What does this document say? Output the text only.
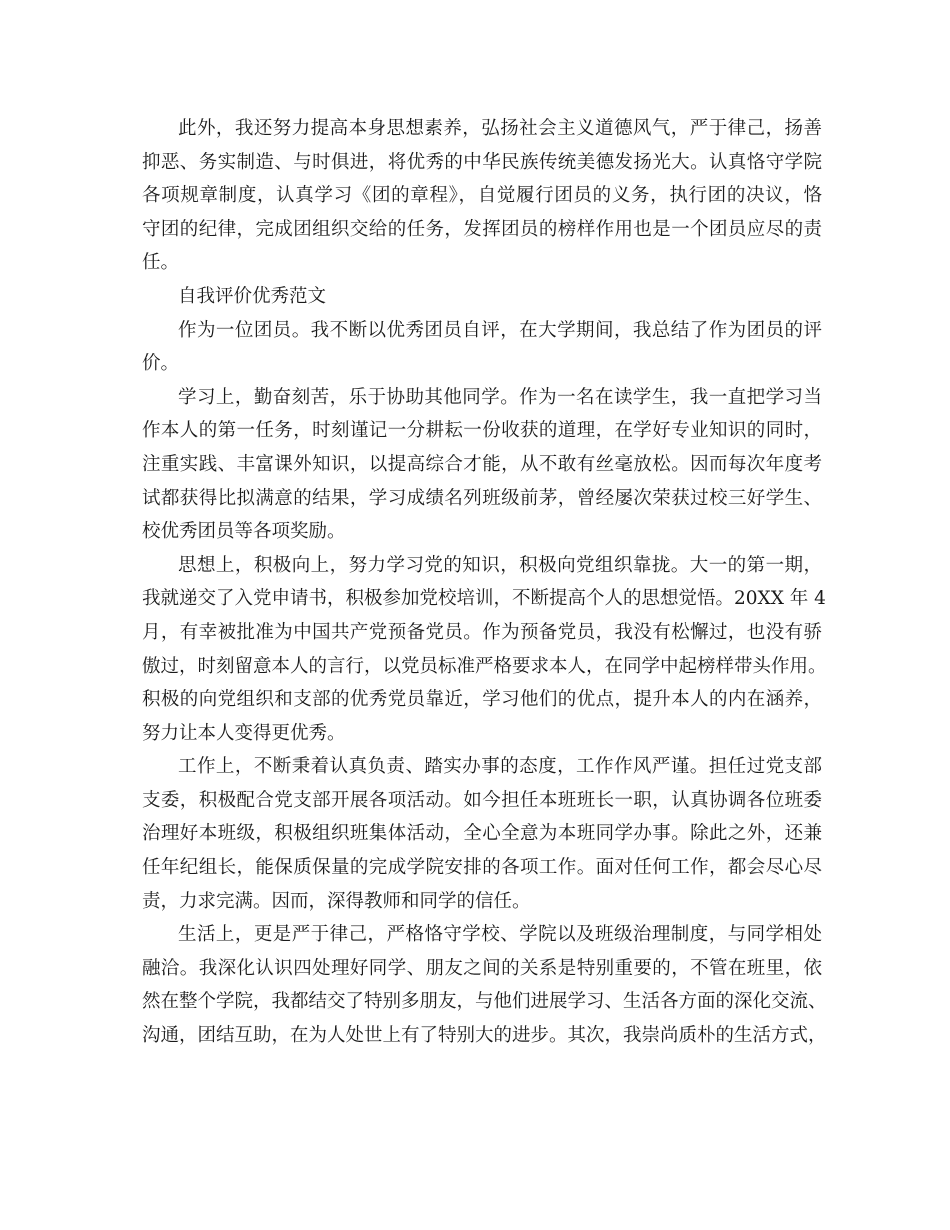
此外，我还努力提高本身思想素养，弘扬社会主义道德风气，严于律己，扬善
抑恶、务实制造、与时俱进，将优秀的中华民族传统美德发扬光大。认真恪守学院
各项规章制度，认真学习《团的章程》，自觉履行团员的义务，执行团的决议，恪
守团的纪律，完成团组织交给的任务，发挥团员的榜样作用也是一个团员应尽的责
任。
自我评价优秀范文
作为一位团员。我不断以优秀团员自评，在大学期间，我总结了作为团员的评
价。
学习上，勤奋刻苦，乐于协助其他同学。作为一名在读学生，我一直把学习当
作本人的第一任务，时刻谨记一分耕耘一份收获的道理，在学好专业知识的同时，
注重实践、丰富课外知识，以提高综合才能，从不敢有丝毫放松。因而每次年度考
试都获得比拟满意的结果，学习成绩名列班级前茅，曾经屡次荣获过校三好学生、
校优秀团员等各项奖励。
思想上，积极向上，努力学习党的知识，积极向党组织靠拢。大一的第一期，
我就递交了入党申请书，积极参加党校培训，不断提高个人的思想觉悟。20XX 年 4
月，有幸被批准为中国共产党预备党员。作为预备党员，我没有松懈过，也没有骄
傲过，时刻留意本人的言行，以党员标准严格要求本人，在同学中起榜样带头作用。
积极的向党组织和支部的优秀党员靠近，学习他们的优点，提升本人的内在涵养，
努力让本人变得更优秀。
工作上，不断秉着认真负责、踏实办事的态度，工作作风严谨。担任过党支部
支委，积极配合党支部开展各项活动。如今担任本班班长一职，认真协调各位班委
治理好本班级，积极组织班集体活动，全心全意为本班同学办事。除此之外，还兼
任年纪组长，能保质保量的完成学院安排的各项工作。面对任何工作，都会尽心尽
责，力求完满。因而，深得教师和同学的信任。
生活上，更是严于律己，严格恪守学校、学院以及班级治理制度，与同学相处
融洽。我深化认识四处理好同学、朋友之间的关系是特别重要的，不管在班里，依
然在整个学院，我都结交了特别多朋友，与他们进展学习、生活各方面的深化交流、
沟通，团结互助，在为人处世上有了特别大的进步。其次，我崇尚质朴的生活方式，
